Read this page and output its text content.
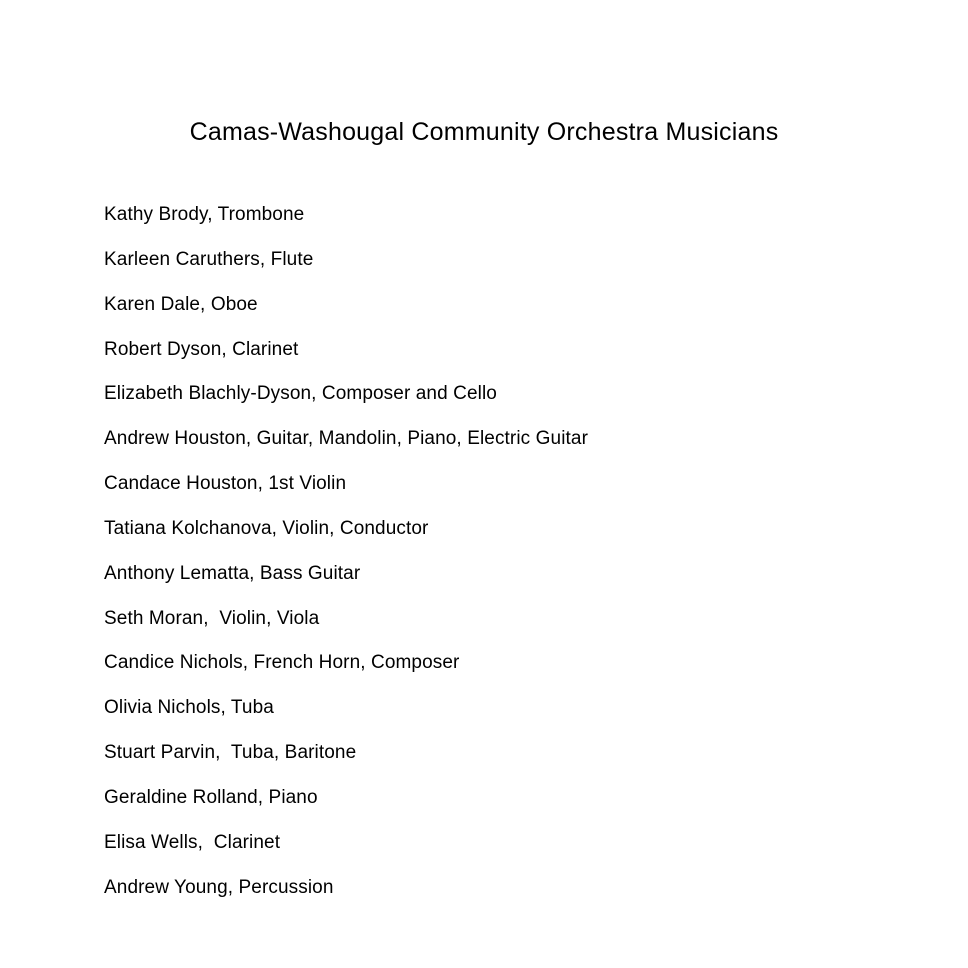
Camas-Washougal Community Orchestra Musicians

Kathy Brody, Trombone

Karleen Caruthers, Flute

Karen Dale, Oboe

Robert Dyson, Clarinet

Elizabeth Blachly-Dyson, Composer and Cello

Andrew Houston, Guitar, Mandolin, Piano, Electric Guitar

Candace Houston, 1st Violin

Tatiana Kolchanova, Violin, Conductor

Anthony Lematta, Bass Guitar

Seth Moran,  Violin, Viola

Candice Nichols, French Horn, Composer

Olivia Nichols, Tuba

Stuart Parvin,  Tuba, Baritone

Geraldine Rolland, Piano

Elisa Wells,  Clarinet

Andrew Young, Percussion
